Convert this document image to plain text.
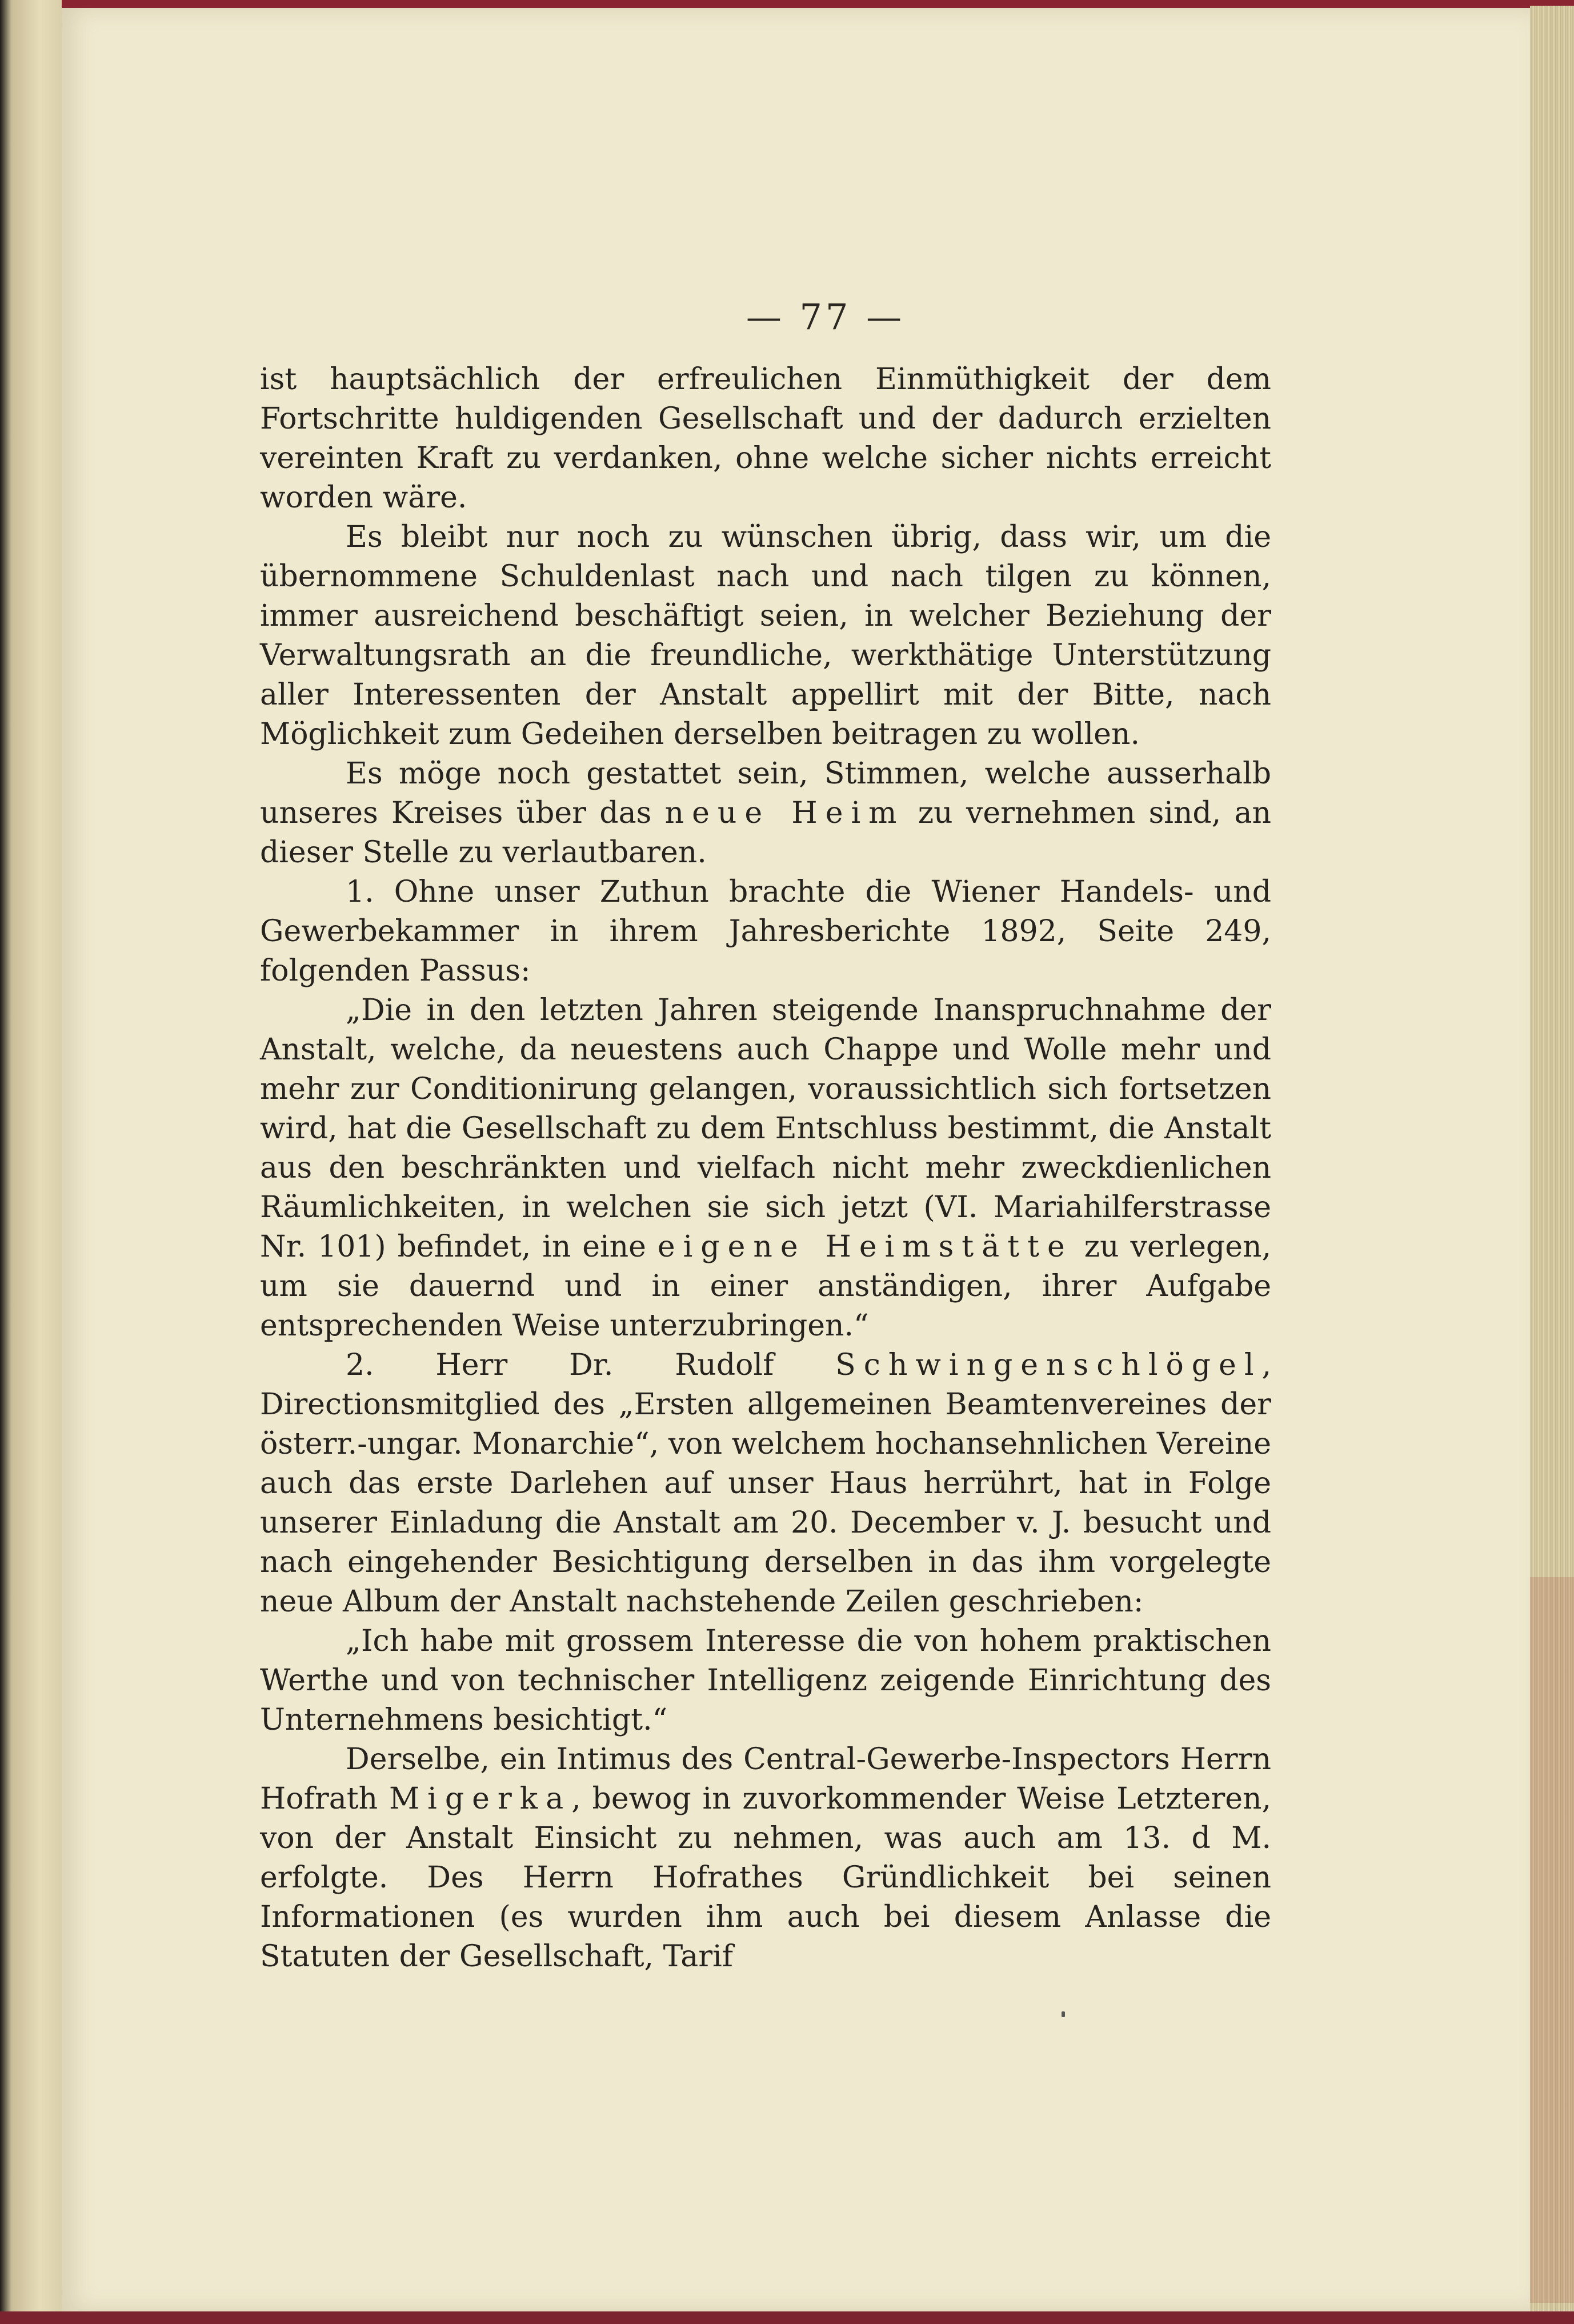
— 77 —

ist hauptsächlich der erfreulichen Einmüthigkeit der dem Fortschritte huldigenden Gesellschaft und der dadurch erzielten vereinten Kraft zu verdanken, ohne welche sicher nichts erreicht worden wäre.

Es bleibt nur noch zu wünschen übrig, dass wir, um die übernommene Schuldenlast nach und nach tilgen zu können, immer ausreichend beschäftigt seien, in welcher Beziehung der Verwaltungsrath an die freundliche, werkthätige Unterstützung aller Interessenten der Anstalt appellirt mit der Bitte, nach Möglichkeit zum Gedeihen derselben beitragen zu wollen.

Es möge noch gestattet sein, Stimmen, welche ausserhalb unseres Kreises über das neue Heim zu vernehmen sind, an dieser Stelle zu verlautbaren.

1. Ohne unser Zuthun brachte die Wiener Handels- und Gewerbekammer in ihrem Jahresberichte 1892, Seite 249, folgenden Passus:

„Die in den letzten Jahren steigende Inanspruchnahme der Anstalt, welche, da neuestens auch Chappe und Wolle mehr und mehr zur Conditionirung gelangen, voraussichtlich sich fortsetzen wird, hat die Gesellschaft zu dem Entschluss bestimmt, die Anstalt aus den beschränkten und vielfach nicht mehr zweckdienlichen Räumlichkeiten, in welchen sie sich jetzt (VI. Mariahilferstrasse Nr. 101) befindet, in eine eigene Heimstätte zu verlegen, um sie dauernd und in einer anständigen, ihrer Aufgabe entsprechenden Weise unterzubringen.“

2. Herr Dr. Rudolf Schwingenschlögel, Directionsmitglied des „Ersten allgemeinen Beamtenvereines der österr.-ungar. Monarchie“, von welchem hochansehnlichen Vereine auch das erste Darlehen auf unser Haus herrührt, hat in Folge unserer Einladung die Anstalt am 20. December v. J. besucht und nach eingehender Besichtigung derselben in das ihm vorgelegte neue Album der Anstalt nachstehende Zeilen geschrieben:

„Ich habe mit grossem Interesse die von hohem praktischen Werthe und von technischer Intelligenz zeigende Einrichtung des Unternehmens besichtigt.“

Derselbe, ein Intimus des Central-Gewerbe-Inspectors Herrn Hofrath Migerka, bewog in zuvorkommender Weise Letzteren, von der Anstalt Einsicht zu nehmen, was auch am 13. d M. erfolgte. Des Herrn Hofrathes Gründlichkeit bei seinen Informationen (es wurden ihm auch bei diesem Anlasse die Statuten der Gesellschaft, Tarif
